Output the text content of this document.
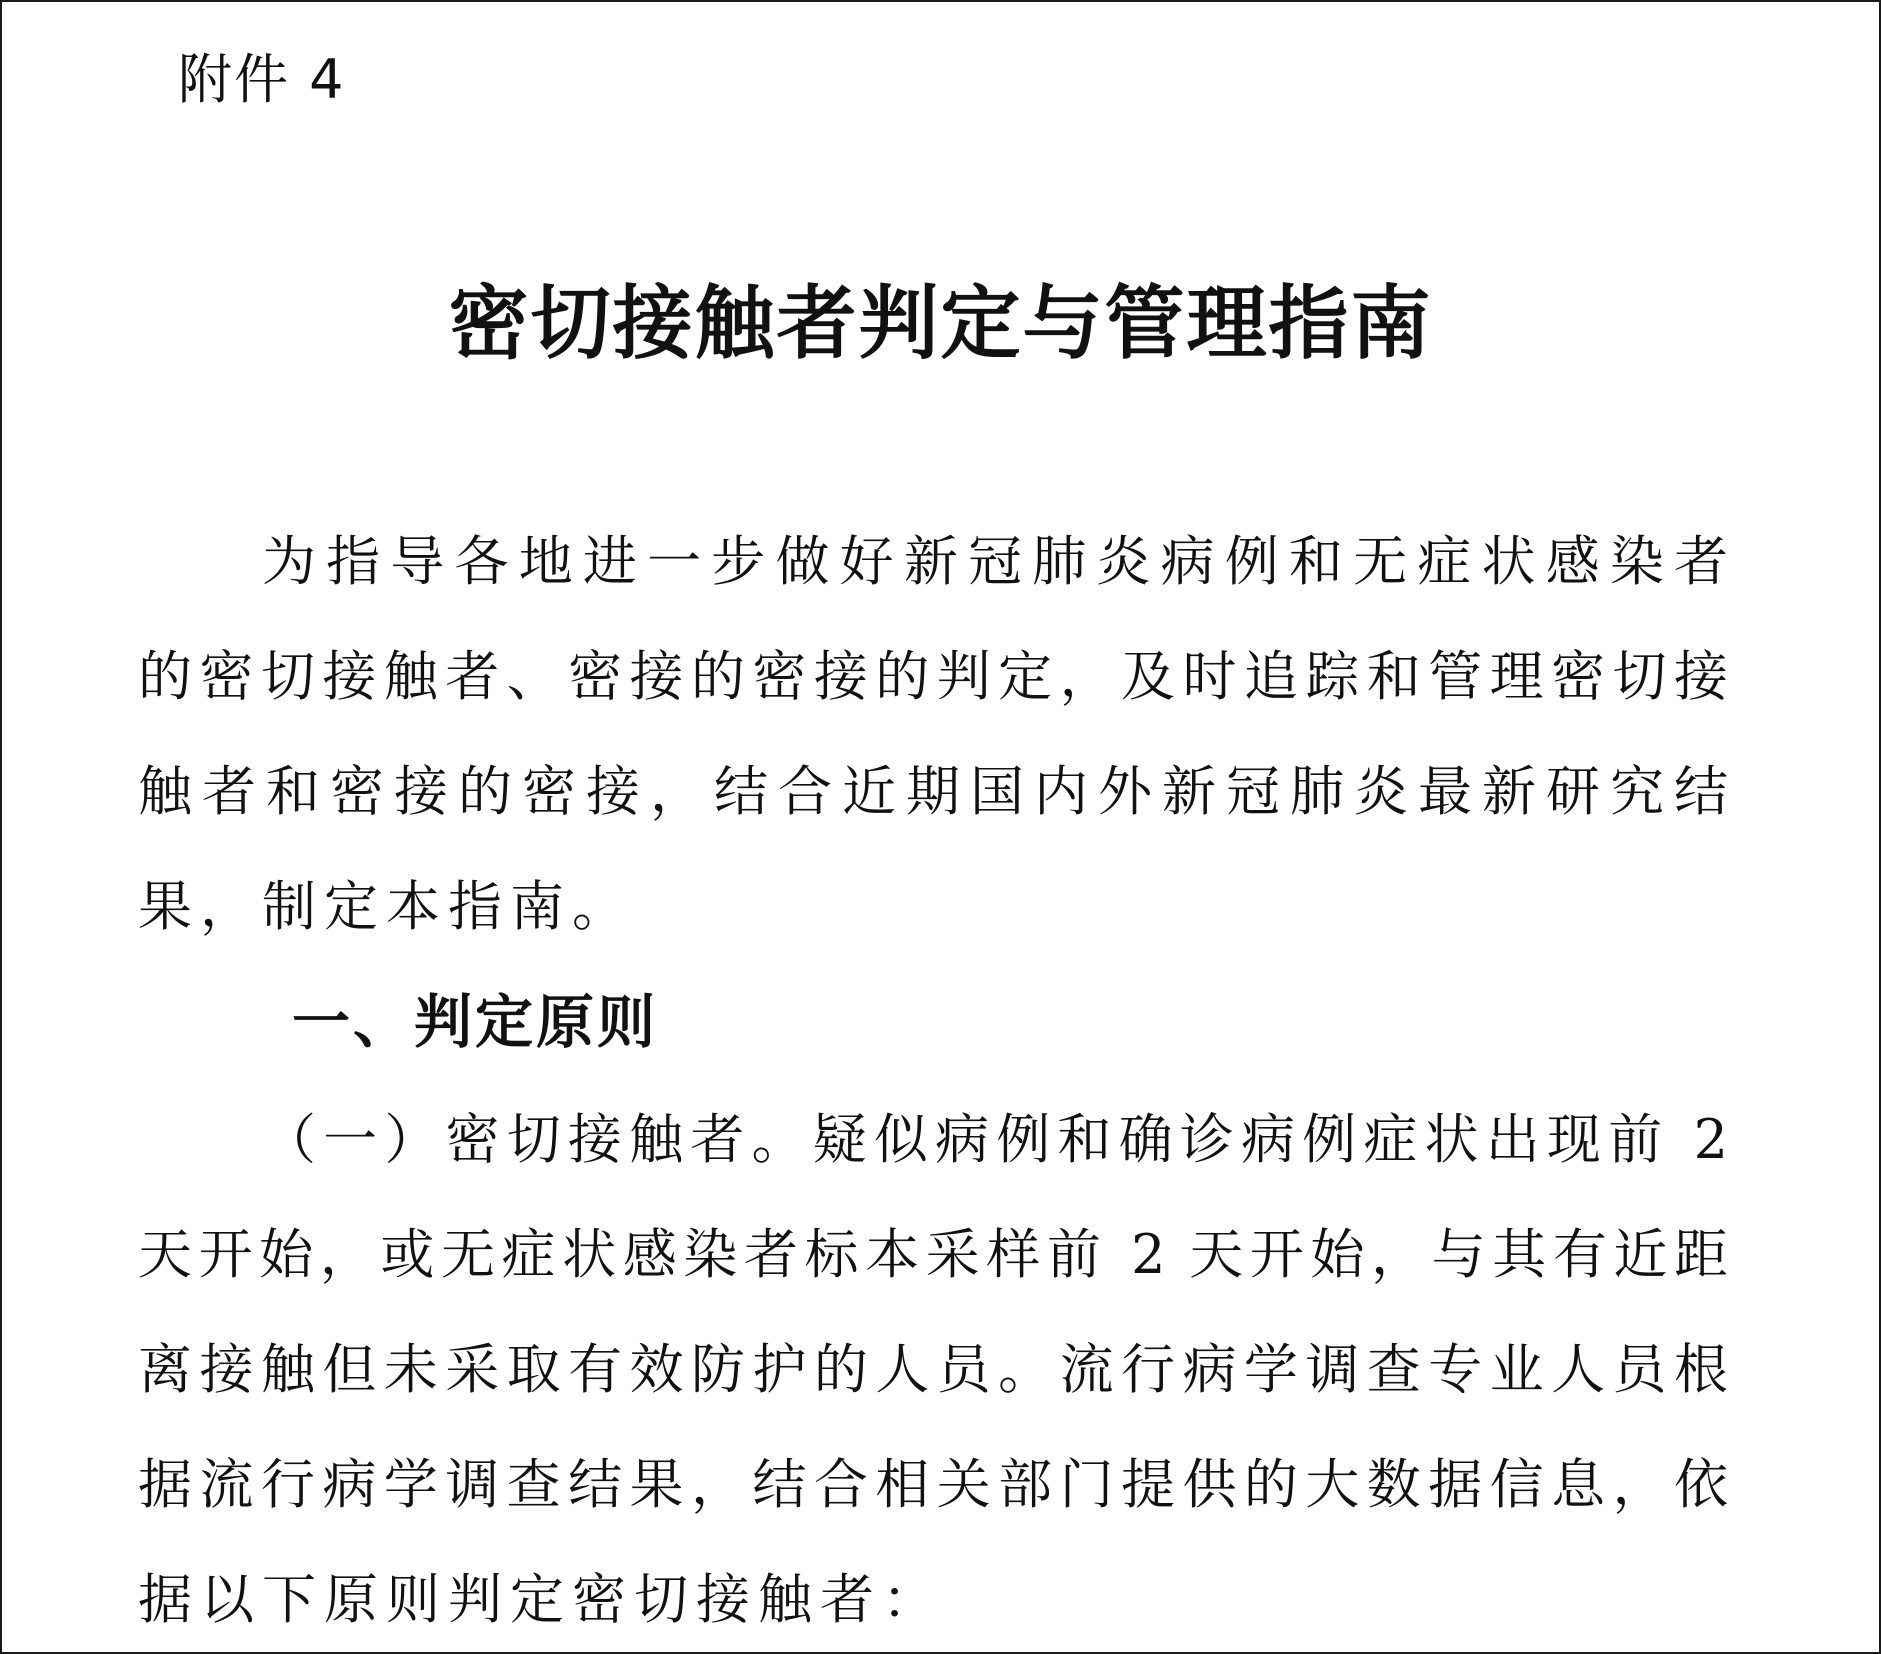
附件 4
密切接触者判定与管理指南
为指导各地进一步做好新冠肺炎病例和无症状感染者
的密切接触者、密接的密接的判定，及时追踪和管理密切接
触者和密接的密接，结合近期国内外新冠肺炎最新研究结
果，制定本指南。
一、判定原则
（一）密切接触者。疑似病例和确诊病例症状出现前 2
天开始，或无症状感染者标本采样前 2 天开始，与其有近距
离接触但未采取有效防护的人员。流行病学调查专业人员根
据流行病学调查结果，结合相关部门提供的大数据信息，依
据以下原则判定密切接触者：
